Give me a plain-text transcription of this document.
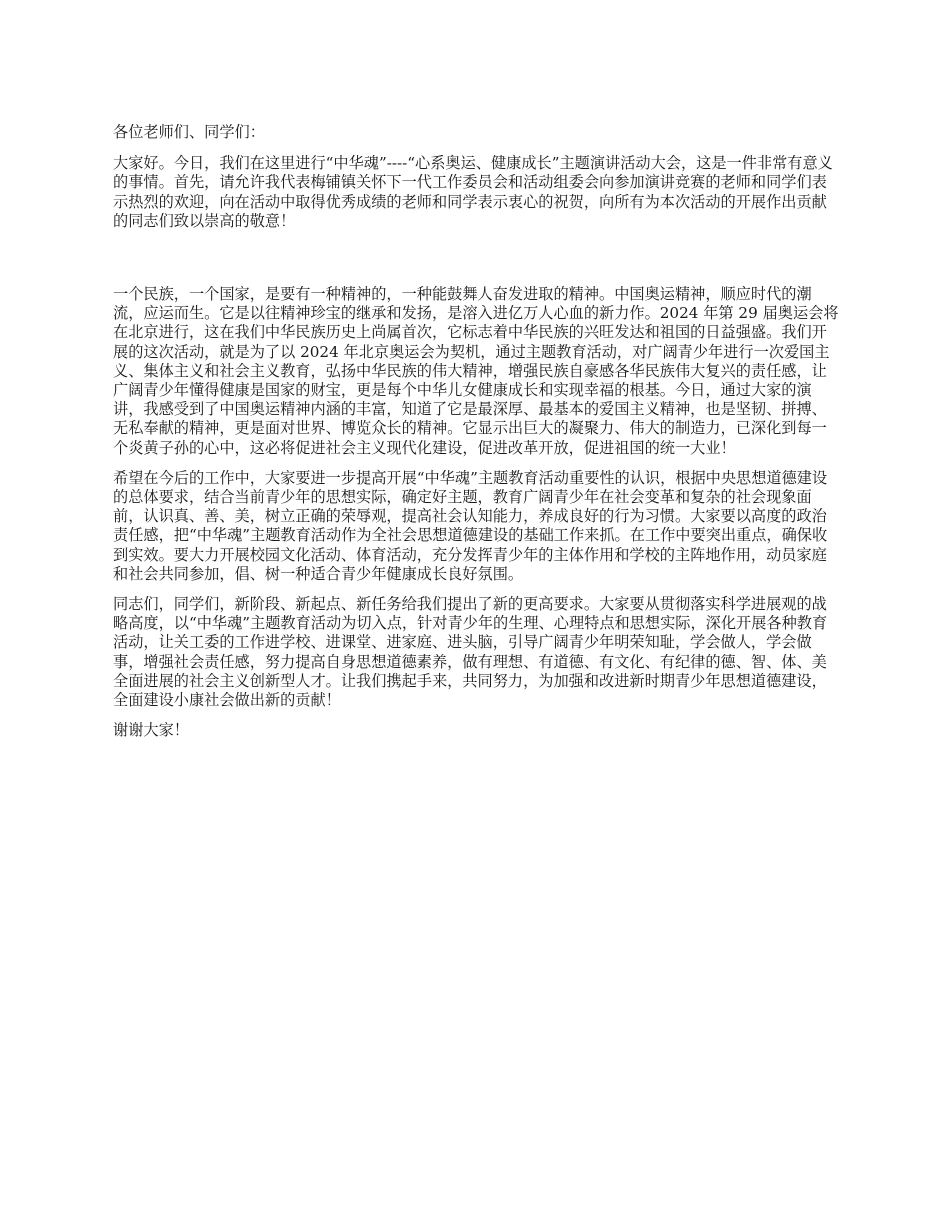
各位老师们、同学们：

大家好。今日，我们在这里进行“中华魂”----“心系奥运、健康成长”主题演讲活动大会，这是一件非常有意义的事情。首先，请允许我代表梅铺镇关怀下一代工作委员会和活动组委会向参加演讲竞赛的老师和同学们表示热烈的欢迎，向在活动中取得优秀成绩的老师和同学表示衷心的祝贺，向所有为本次活动的开展作出贡献的同志们致以崇高的敬意！

一个民族，一个国家，是要有一种精神的，一种能鼓舞人奋发进取的精神。中国奥运精神，顺应时代的潮流，应运而生。它是以往精神珍宝的继承和发扬，是溶入进亿万人心血的新力作。2024 年第 29 届奥运会将在北京进行，这在我们中华民族历史上尚属首次，它标志着中华民族的兴旺发达和祖国的日益强盛。我们开展的这次活动，就是为了以 2024 年北京奥运会为契机，通过主题教育活动，对广阔青少年进行一次爱国主义、集体主义和社会主义教育，弘扬中华民族的伟大精神，增强民族自豪感各华民族伟大复兴的责任感，让广阔青少年懂得健康是国家的财宝，更是每个中华儿女健康成长和实现幸福的根基。今日，通过大家的演讲，我感受到了中国奥运精神内涵的丰富，知道了它是最深厚、最基本的爱国主义精神，也是坚韧、拼搏、无私奉献的精神，更是面对世界、博览众长的精神。它显示出巨大的凝聚力、伟大的制造力，已深化到每一个炎黄子孙的心中，这必将促进社会主义现代化建设，促进改革开放，促进祖国的统一大业！

希望在今后的工作中，大家要进一步提高开展“中华魂”主题教育活动重要性的认识，根据中央思想道德建设的总体要求，结合当前青少年的思想实际，确定好主题，教育广阔青少年在社会变革和复杂的社会现象面前，认识真、善、美，树立正确的荣辱观，提高社会认知能力，养成良好的行为习惯。大家要以高度的政治责任感，把“中华魂”主题教育活动作为全社会思想道德建设的基础工作来抓。在工作中要突出重点，确保收到实效。要大力开展校园文化活动、体育活动，充分发挥青少年的主体作用和学校的主阵地作用，动员家庭和社会共同参加，倡、树一种适合青少年健康成长良好氛围。

同志们，同学们，新阶段、新起点、新任务给我们提出了新的更高要求。大家要从贯彻落实科学进展观的战略高度，以“中华魂”主题教育活动为切入点，针对青少年的生理、心理特点和思想实际，深化开展各种教育活动，让关工委的工作进学校、进课堂、进家庭、进头脑，引导广阔青少年明荣知耻，学会做人，学会做事，增强社会责任感，努力提高自身思想道德素养，做有理想、有道德、有文化、有纪律的德、智、体、美全面进展的社会主义创新型人才。让我们携起手来，共同努力，为加强和改进新时期青少年思想道德建设，全面建设小康社会做出新的贡献！

谢谢大家！
